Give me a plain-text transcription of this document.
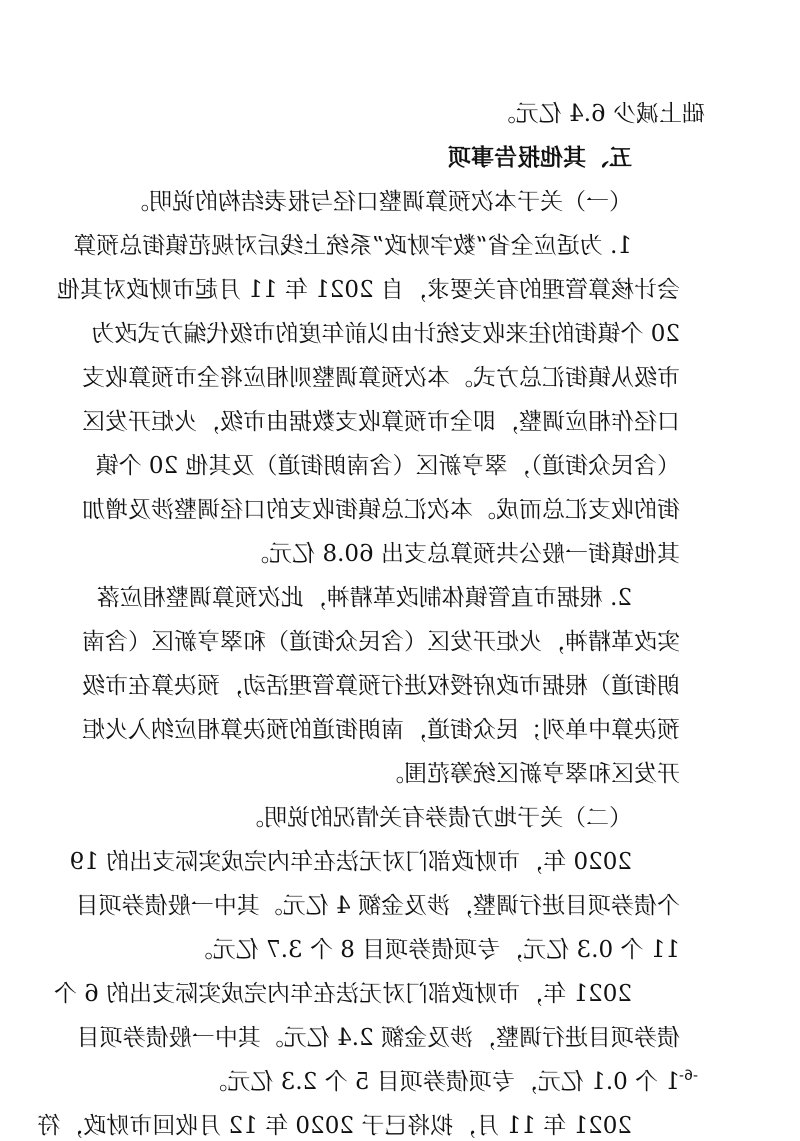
础上减少 6.4 亿元。
五、其他报告事项
（一）关于本次预算调整口径与报表结构的说明。
1. 为适应全省“数字财政”系统上线后对规范镇街总预算
会计核算管理的有关要求，自 2021 年 11 月起市财政对其他
20 个镇街的往来收支统计由以前年度的市级代编方式改为
市级从镇街汇总方式。本次预算调整则相应将全市预算收支
口径作相应调整，即全市预算收支数据由市级，火炬开发区
（含民众街道），翠亨新区（含南朗街道）及其他 20 个镇
街的收支汇总而成。本次汇总镇街收支的口径调整涉及增加
其他镇街一般公共预算总支出 60.8 亿元。
2. 根据市直管镇体制改革精神，此次预算调整相应落
实改革精神，火炬开发区（含民众街道）和翠亨新区（含南
朗街道）根据市政府授权进行预算管理活动，预决算在市级
预决算中单列；民众街道，南朗街道的预决算相应纳入火炬
开发区和翠亨新区统筹范围。
（二）关于地方债券有关情况的说明。
2020 年，市财政部门对无法在年内完成实际支出的 19
个债券项目进行调整，涉及金额 4 亿元。其中一般债券项目
11 个 0.3 亿元，专项债券项目 8 个 3.7 亿元。
2021 年，市财政部门对无法在年内完成实际支出的 6 个
债券项目进行调整，涉及金额 2.4 亿元。其中一般债券项目
1 个 0.1 亿元，专项债券项目 5 个 2.3 亿元。
2021 年 11 月，拟将已于 2020 年 12 月收回市财政，符
-6-
